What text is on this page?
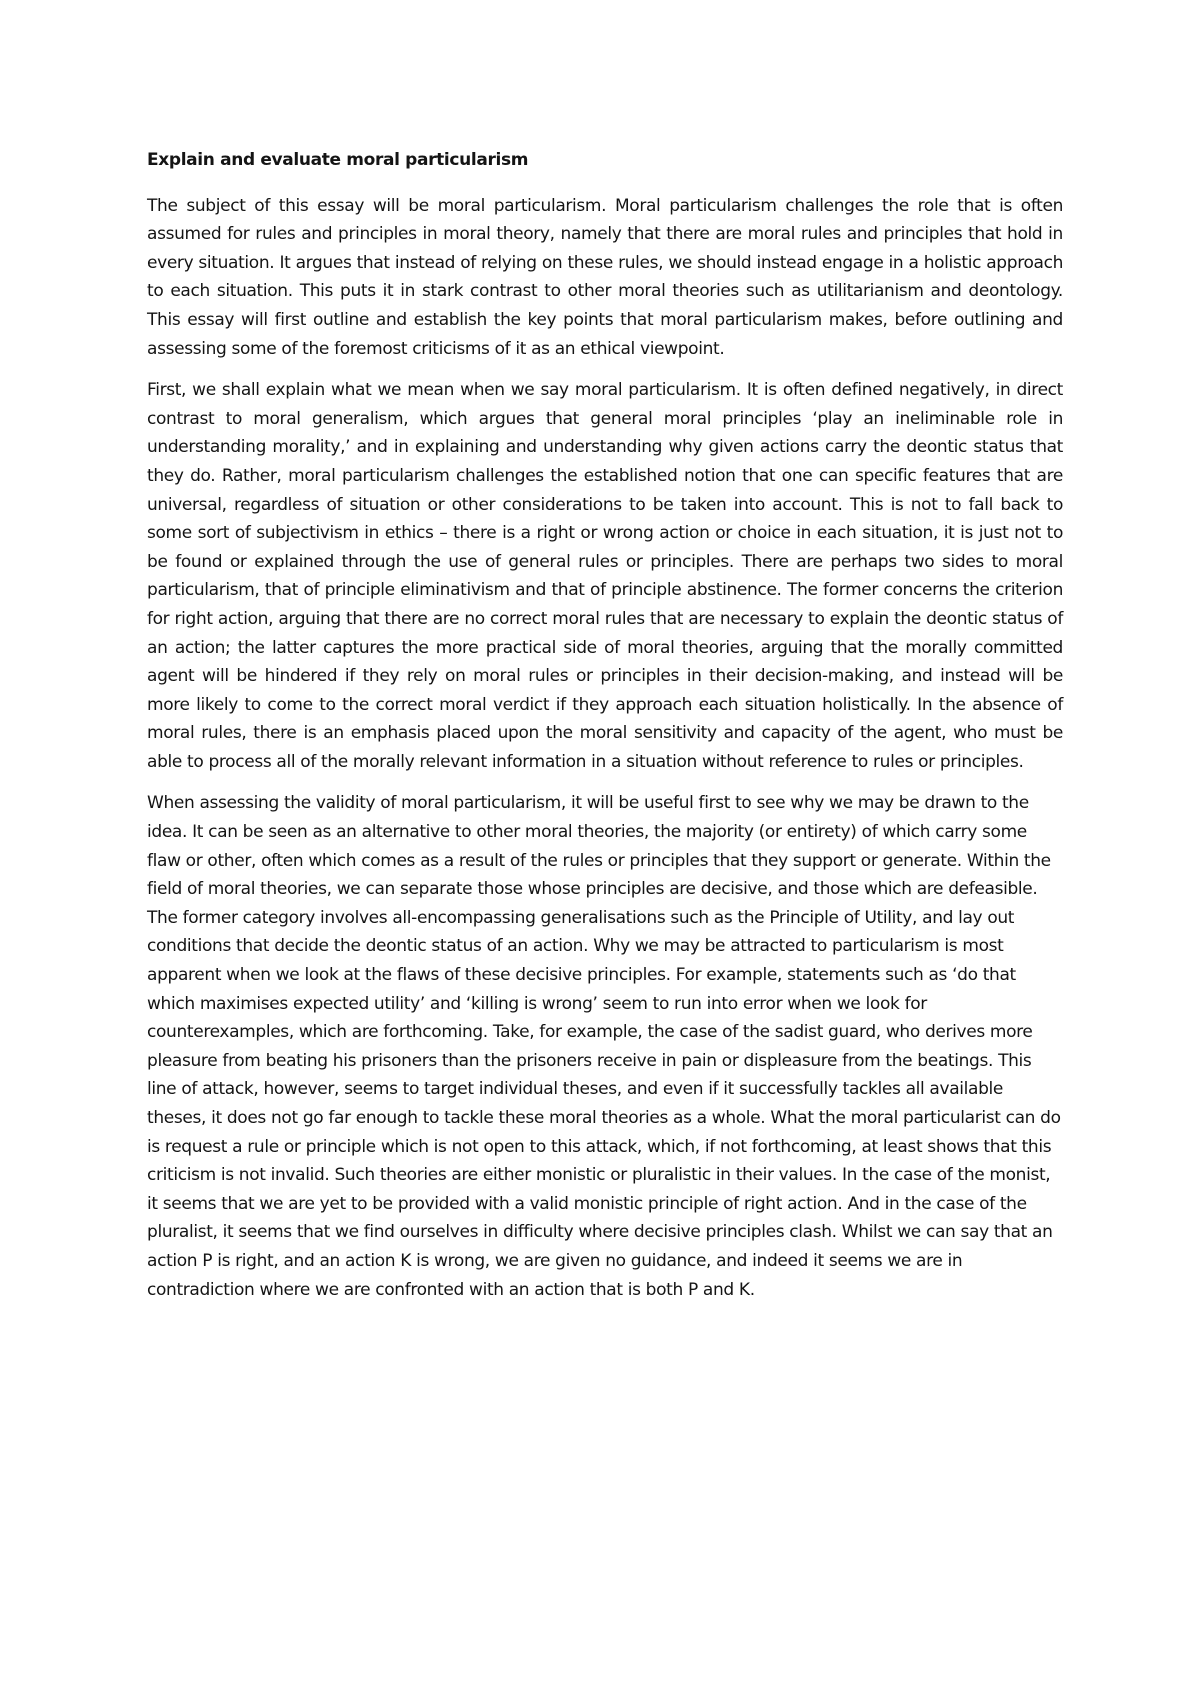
Explain and evaluate moral particularism

The subject of this essay will be moral particularism. Moral particularism challenges the role that is often assumed for rules and principles in moral theory, namely that there are moral rules and principles that hold in every situation. It argues that instead of relying on these rules, we should instead engage in a holistic approach to each situation. This puts it in stark contrast to other moral theories such as utilitarianism and deontology. This essay will first outline and establish the key points that moral particularism makes, before outlining and assessing some of the foremost criticisms of it as an ethical viewpoint.

First, we shall explain what we mean when we say moral particularism. It is often defined negatively, in direct contrast to moral generalism, which argues that general moral principles ‘play an ineliminable role in understanding morality,’ and in explaining and understanding why given actions carry the deontic status that they do. Rather, moral particularism challenges the established notion that one can specific features that are universal, regardless of situation or other considerations to be taken into account. This is not to fall back to some sort of subjectivism in ethics – there is a right or wrong action or choice in each situation, it is just not to be found or explained through the use of general rules or principles. There are perhaps two sides to moral particularism, that of principle eliminativism and that of principle abstinence. The former concerns the criterion for right action, arguing that there are no correct moral rules that are necessary to explain the deontic status of an action; the latter captures the more practical side of moral theories, arguing that the morally committed agent will be hindered if they rely on moral rules or principles in their decision-making, and instead will be more likely to come to the correct moral verdict if they approach each situation holistically. In the absence of moral rules, there is an emphasis placed upon the moral sensitivity and capacity of the agent, who must be able to process all of the morally relevant information in a situation without reference to rules or principles.

When assessing the validity of moral particularism, it will be useful first to see why we may be drawn to the idea. It can be seen as an alternative to other moral theories, the majority (or entirety) of which carry some flaw or other, often which comes as a result of the rules or principles that they support or generate. Within the field of moral theories, we can separate those whose principles are decisive, and those which are defeasible. The former category involves all-encompassing generalisations such as the Principle of Utility, and lay out conditions that decide the deontic status of an action. Why we may be attracted to particularism is most apparent when we look at the flaws of these decisive principles. For example, statements such as ‘do that which maximises expected utility’ and ‘killing is wrong’ seem to run into error when we look for counterexamples, which are forthcoming. Take, for example, the case of the sadist guard, who derives more pleasure from beating his prisoners than the prisoners receive in pain or displeasure from the beatings. This line of attack, however, seems to target individual theses, and even if it successfully tackles all available theses, it does not go far enough to tackle these moral theories as a whole. What the moral particularist can do is request a rule or principle which is not open to this attack, which, if not forthcoming, at least shows that this criticism is not invalid. Such theories are either monistic or pluralistic in their values. In the case of the monist, it seems that we are yet to be provided with a valid monistic principle of right action. And in the case of the pluralist, it seems that we find ourselves in difficulty where decisive principles clash. Whilst we can say that an action P is right, and an action K is wrong, we are given no guidance, and indeed it seems we are in contradiction where we are confronted with an action that is both P and K.
